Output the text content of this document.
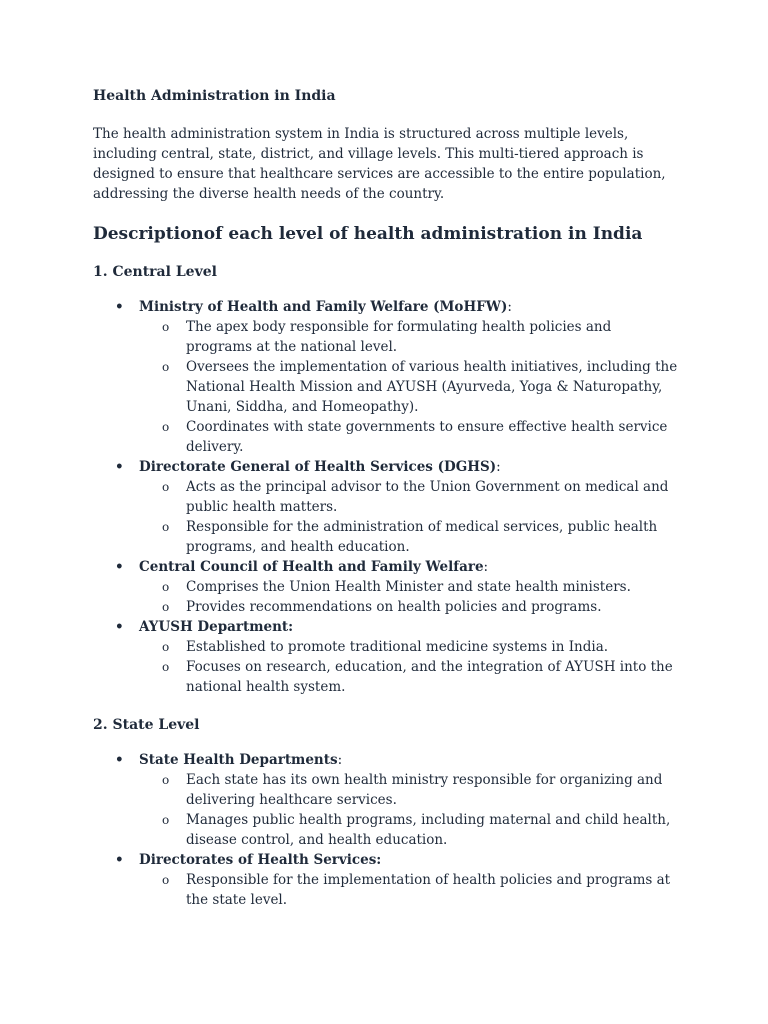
Health Administration in India

The health administration system in India is structured across multiple levels, including central, state, district, and village levels. This multi-tiered approach is designed to ensure that healthcare services are accessible to the entire population, addressing the diverse health needs of the country.

Descriptionof each level of health administration in India
1. Central Level
• Ministry of Health and Family Welfare (MoHFW):
o The apex body responsible for formulating health policies and programs at the national level.
o Oversees the implementation of various health initiatives, including the National Health Mission and AYUSH (Ayurveda, Yoga & Naturopathy, Unani, Siddha, and Homeopathy).
o Coordinates with state governments to ensure effective health service delivery.
• Directorate General of Health Services (DGHS):
o Acts as the principal advisor to the Union Government on medical and public health matters.
o Responsible for the administration of medical services, public health programs, and health education.
• Central Council of Health and Family Welfare:
o Comprises the Union Health Minister and state health ministers.
o Provides recommendations on health policies and programs.
• AYUSH Department:
o Established to promote traditional medicine systems in India.
o Focuses on research, education, and the integration of AYUSH into the national health system.
2. State Level
• State Health Departments:
o Each state has its own health ministry responsible for organizing and delivering healthcare services.
o Manages public health programs, including maternal and child health, disease control, and health education.
• Directorates of Health Services:
o Responsible for the implementation of health policies and programs at the state level.
